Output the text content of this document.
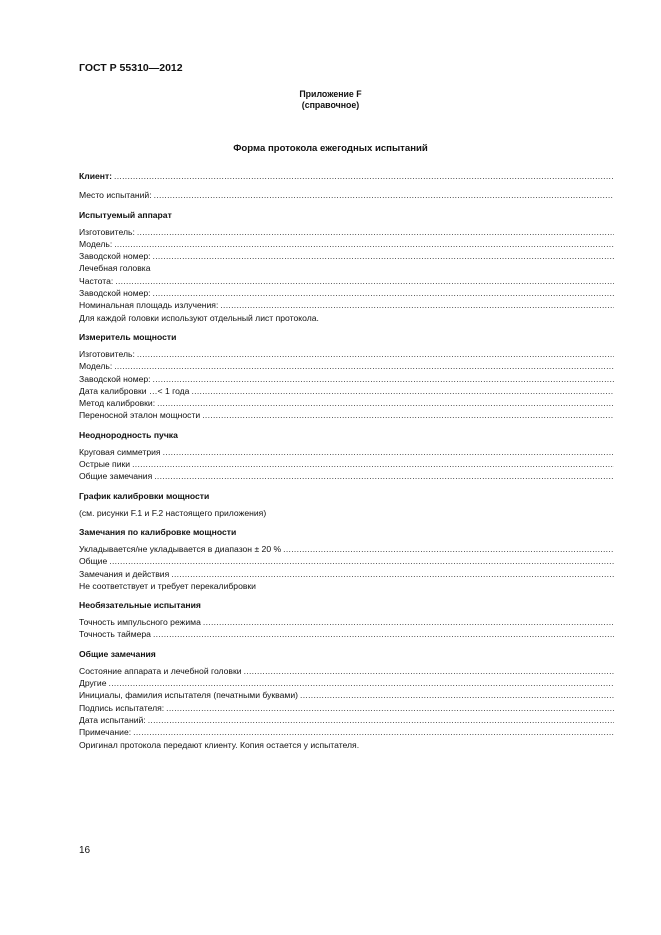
ГОСТ Р 55310—2012
Приложение F
(справочное)
Форма протокола ежегодных испытаний
Клиент:
.....
Место испытаний:
.....
Испытуемый аппарат
Изготовитель:
.....
Модель:
.....
Заводской номер:
.....
Лечебная головка
Частота:
.....
Заводской номер:
.....
Номинальная площадь излучения:
.....
Для каждой головки используют отдельный лист протокола.
Измеритель мощности
Изготовитель:
.....
Модель:
.....
Заводской номер:
.....
Дата калибровки …< 1 года
.....
Метод калибровки:
.....
Переносной эталон мощности
.....
Неоднородность пучка
Круговая симметрия
.....
Острые пики
.....
Общие замечания
.....
График калибровки мощности
(см. рисунки F.1 и F.2 настоящего приложения)
Замечания по калибровке мощности
Укладывается/не укладывается в диапазон ± 20 %
.....
Общие
.....
Замечания и действия
.....
Не соответствует и требует перекалибровки
Необязательные испытания
Точность импульсного режима
.....
Точность таймера
.....
Общие замечания
Состояние аппарата и лечебной головки
.....
Другие
.....
Инициалы, фамилия испытателя (печатными буквами)
.....
Подпись испытателя:
.....
Дата испытаний:
.....
Примечание:
.....
Оригинал протокола передают клиенту. Копия остается у испытателя.
16
